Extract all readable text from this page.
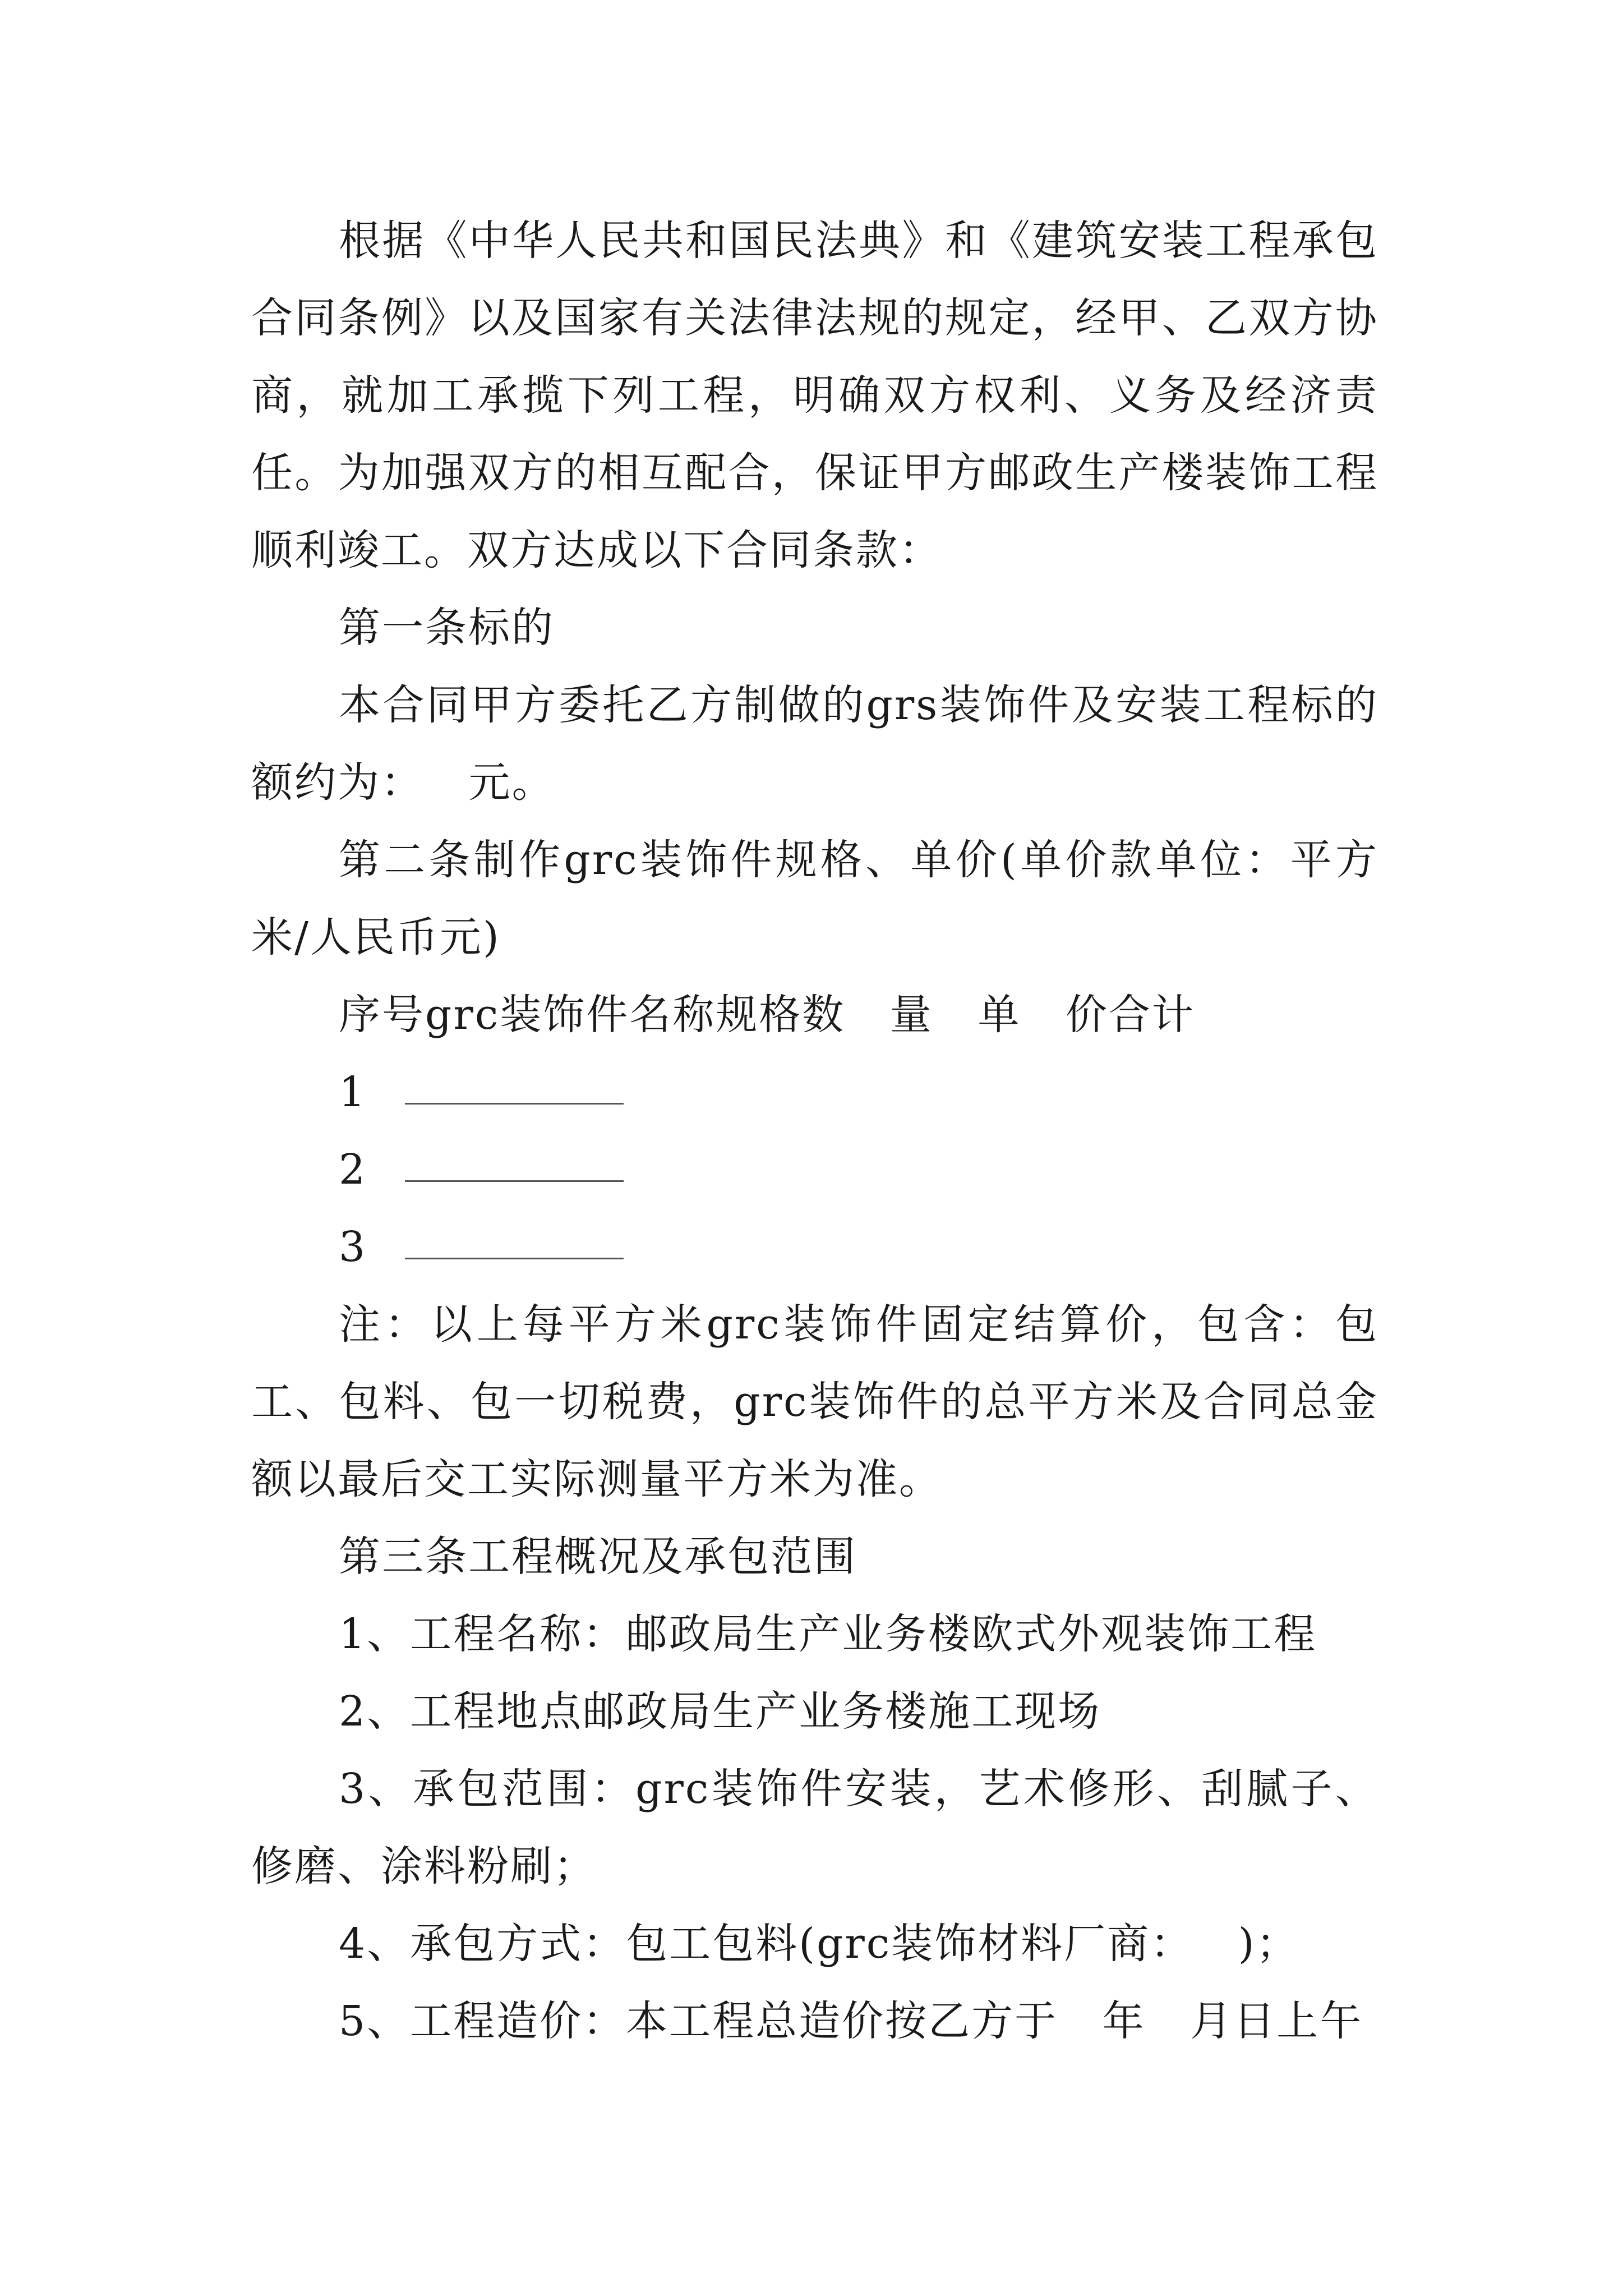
根据《中华人民共和国民法典》和《建筑安装工程承包合同条例》以及国家有关法律法规的规定，经甲、乙双方协商，就加工承揽下列工程，明确双方权利、义务及经济责任。为加强双方的相互配合，保证甲方邮政生产楼装饰工程顺利竣工。双方达成以下合同条款：

第一条标的

本合同甲方委托乙方制做的grs装饰件及安装工程标的额约为：   元。

第二条制作grc装饰件规格、单价(单价款单位：平方米/人民币元)

序号grc装饰件名称规格数   量   单   价合计

1
2
3

注：以上每平方米grc装饰件固定结算价，包含：包工、包料、包一切税费，grc装饰件的总平方米及合同总金额以最后交工实际测量平方米为准。

第三条工程概况及承包范围

1、工程名称：邮政局生产业务楼欧式外观装饰工程

2、工程地点邮政局生产业务楼施工现场

3、承包范围：grc装饰件安装，艺术修形、刮腻子、修磨、涂料粉刷；

4、承包方式：包工包料(grc装饰材料厂商：   )；

5、工程造价：本工程总造价按乙方于   年   月日上午
